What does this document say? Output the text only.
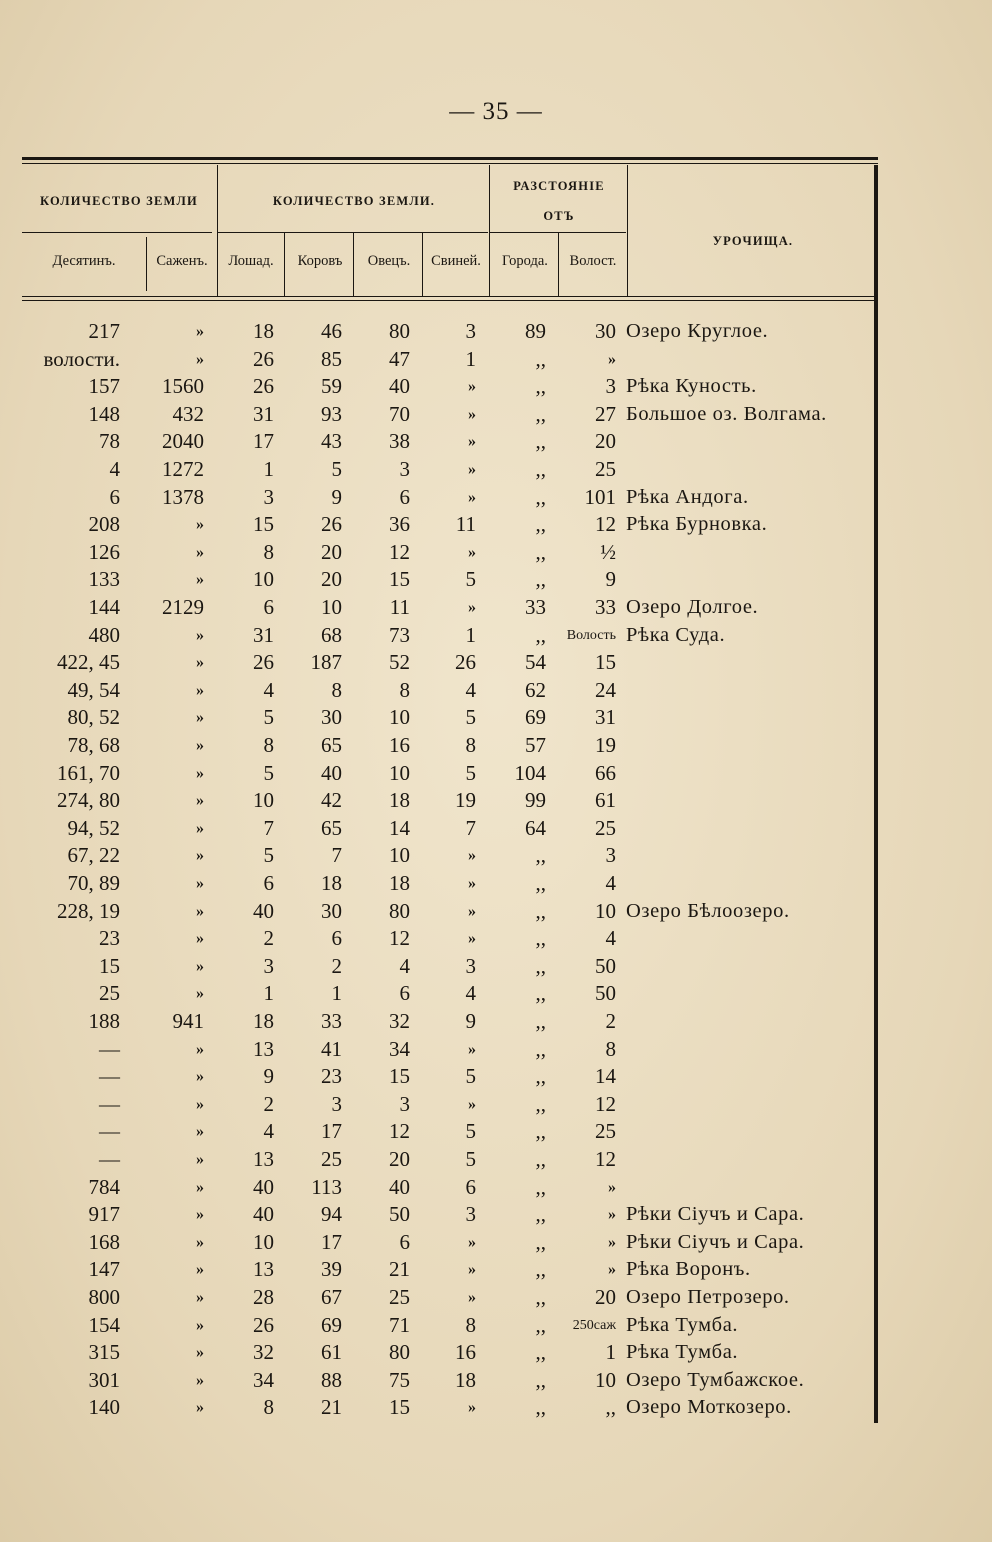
— 35 —
КОЛИЧЕСТВО ЗЕМЛИ	КОЛИЧЕСТВО ЗЕМЛИ.
РАЗСТОЯНІЕ
ОТЪ
УРОЧИЩА.
Десятинъ.	Саженъ.	Лошад.	Коровъ	Овецъ.	Свиней.	Города.	Волост.
217	»	18	46	80	3	89	30 Озеро Круглое.
волости.	»	26	85	47	1	,,	»
157	1560	26	59	40	»	,,	3 Рѣка Куность.
148	432	31	93	70	»	,,	27 Большое оз. Волгама.
78	2040	17	43	38	»	,,	20
4	1272	1	5	3	»	,,	25
6	1378	3	9	6	»	,,	101 Рѣка Андога.
208	»	15	26	36	11	,,	12 Рѣка Бурновка.
126	»	8	20	12	»	,,	½
133	»	10	20	15	5	,,	9
144	2129	6	10	11	»	33	33 Озеро Долгое.
480	»	31	68	73	1	,,	Волость Рѣка Суда.
422, 45	»	26	187	52	26	54	15
49, 54	»	4	8	8	4	62	24
80, 52	»	5	30	10	5	69	31
78, 68	»	8	65	16	8	57	19
161, 70	»	5	40	10	5	104	66
274, 80	»	10	42	18	19	99	61
94, 52	»	7	65	14	7	64	25
67, 22	»	5	7	10	»	,,	3
70, 89	»	6	18	18	»	,,	4
228, 19	»	40	30	80	»	,,	10 Озеро Бѣлоозеро.
23	»	2	6	12	»	,,	4
15	»	3	2	4	3	,,	50
25	»	1	1	6	4	,,	50
188	941	18	33	32	9	,,	2
—	»	13	41	34	»	,,	8
—	»	9	23	15	5	,,	14
—	»	2	3	3	»	,,	12
—	»	4	17	12	5	,,	25
—	»	13	25	20	5	,,	12
784	»	40	113	40	6	,,	»
917	»	40	94	50	3	,,	» Рѣки Сіучъ и Сара.
168	»	10	17	6	»	,,	» Рѣки Сіучъ и Сара.
147	»	13	39	21	»	,,	» Рѣка Воронъ.
800	»	28	67	25	»	,,	20 Озеро Петрозеро.
154	»	26	69	71	8	,,	250саж Рѣка Тумба.
315	»	32	61	80	16	,,	1 Рѣка Тумба.
301	»	34	88	75	18	,,	10 Озеро Тумбажское.
140	»	8	21	15	»	,,	,, Озеро Моткозеро.
